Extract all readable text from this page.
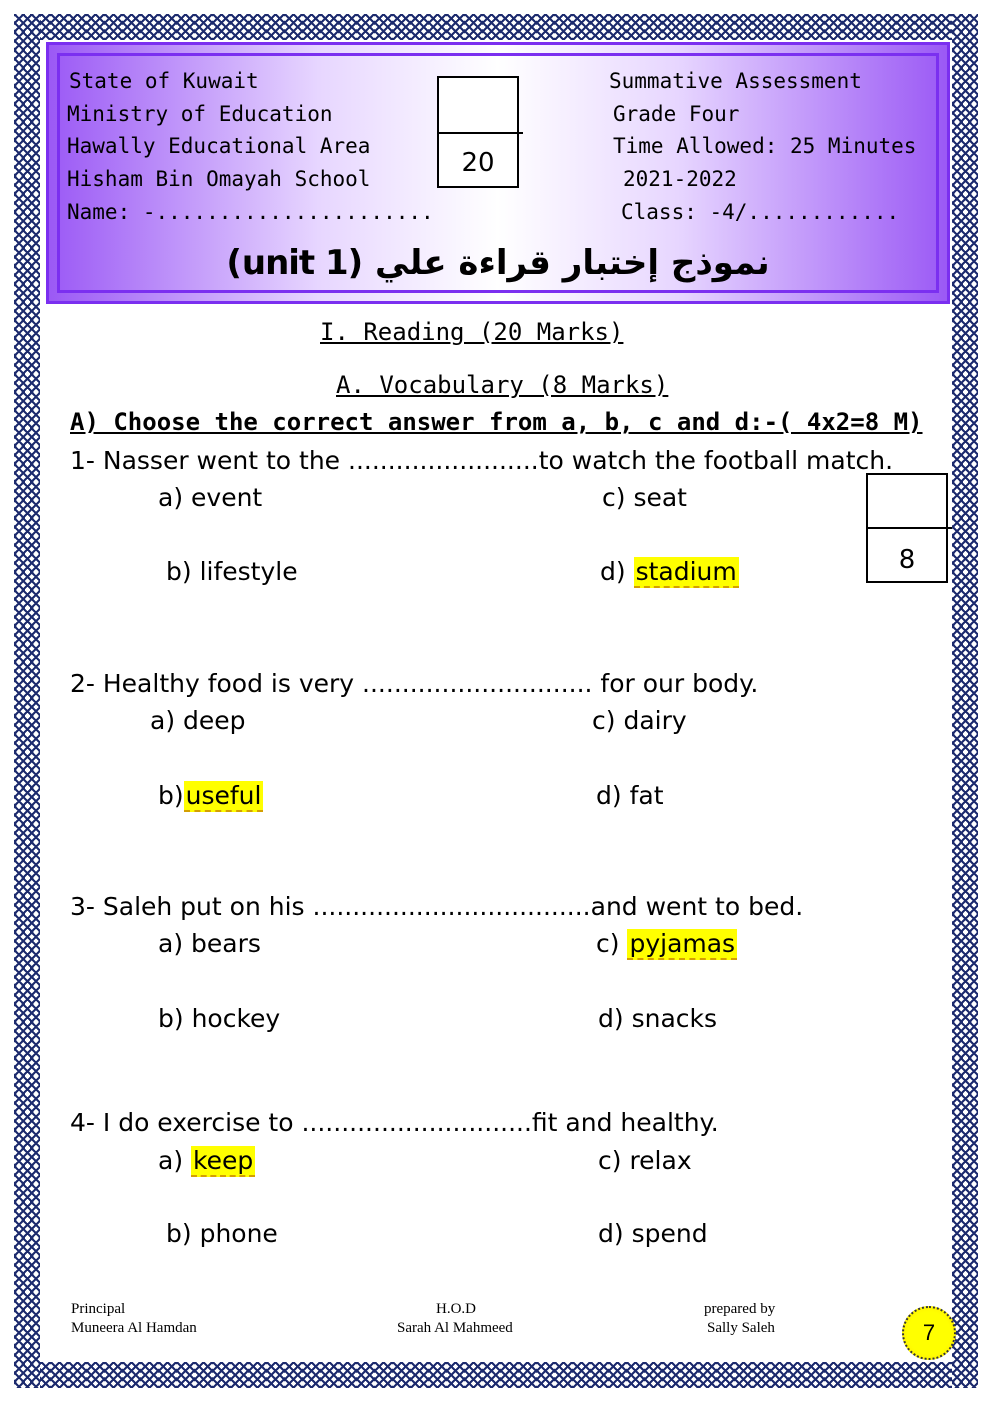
State of Kuwait
Ministry of Education
Hawally Educational Area
Hisham Bin Omayah School
Name: -......................
Summative Assessment
Grade Four
Time Allowed: 25 Minutes
2021-2022
Class: -4/............
20
نموذج إختبار قراءة علي (unit 1)
I. Reading (20 Marks)
A. Vocabulary (8 Marks)
A) Choose the correct answer from a, b, c and d:-( 4x2=8 M)
8
1- Nasser went to the ........................to watch the football match.
a) event	c) seat
b) lifestyle	d) stadium
2- Healthy food is very ............................. for our body.
a) deep	c) dairy
b)useful	d) fat
3- Saleh put on his ...................................and went to bed.
a) bears	c) pyjamas
b) hockey	d) snacks
4- I do exercise to .............................fit and healthy.
a) keep	c) relax
b) phone	d) spend
Principal
Muneera Al Hamdan
H.O.D
Sarah Al Mahmeed
prepared by
Sally Saleh	7
